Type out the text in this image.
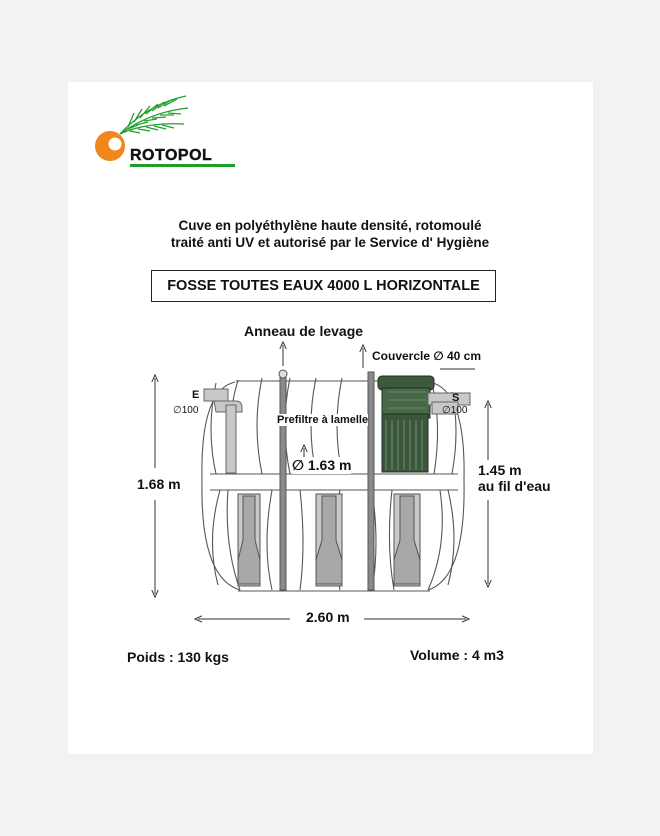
ROTOPOL
Cuve en polyéthylène haute densité, rotomoulé
traité anti UV et autorisé par le Service d' Hygiène
FOSSE TOUTES EAUX 4000 L HORIZONTALE
Anneau de levage
Couvercle ∅ 40 cm
E	S
∅100	∅100
Prefiltre à lamelle
∅ 1.63 m
1.68 m
1.45 m
au fil d'eau
2.60 m
Poids : 130 kgs	Volume : 4 m3
